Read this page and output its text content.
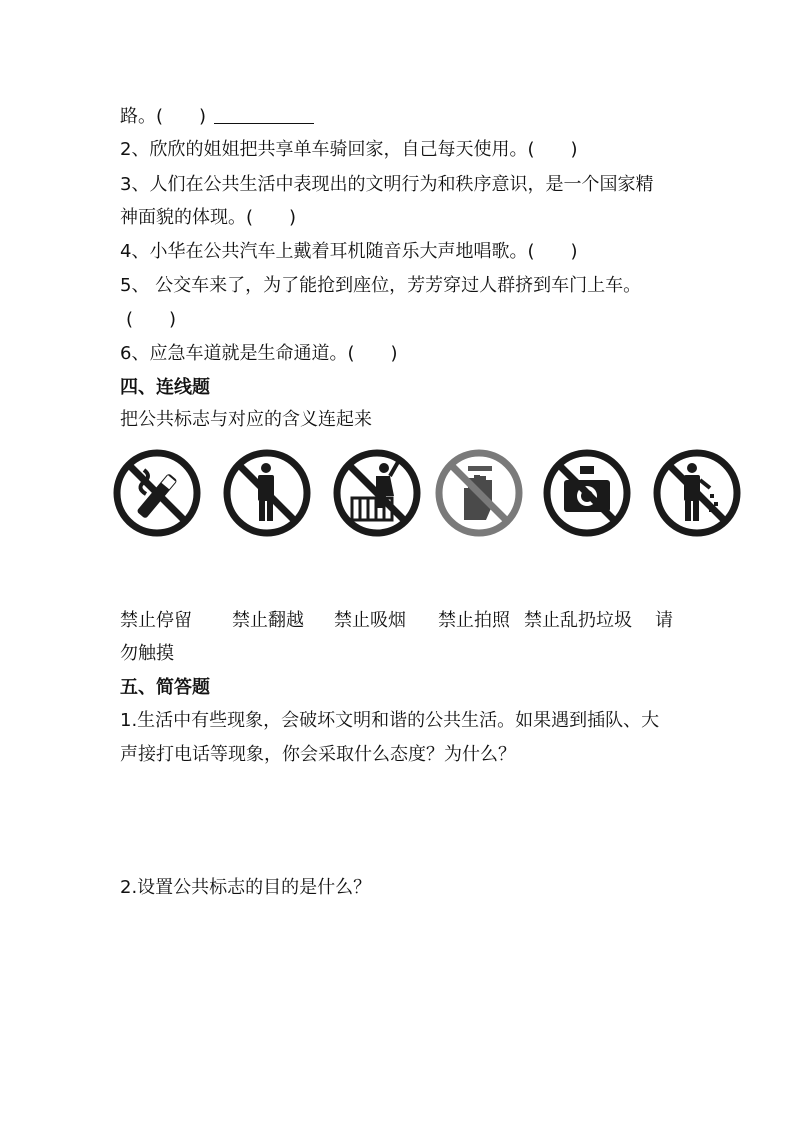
路。(　　)
2、欣欣的姐姐把共享单车骑回家，自己每天使用。(　　)
3、人们在公共生活中表现出的文明行为和秩序意识，是一个国家精
神面貌的体现。(　　)
4、小华在公共汽车上戴着耳机随音乐大声地唱歌。(　　)
5、 公交车来了，为了能抢到座位，芳芳穿过人群挤到车门上车。
(　　)
6、应急车道就是生命通道。(　　)
四、连线题
把公共标志与对应的含义连起来
禁止停留 禁止翻越 禁止吸烟 禁止拍照 禁止乱扔垃圾 请
勿触摸
五、简答题
1.生活中有些现象，会破坏文明和谐的公共生活。如果遇到插队、大
声接打电话等现象，你会采取什么态度？为什么？
2.设置公共标志的目的是什么？
